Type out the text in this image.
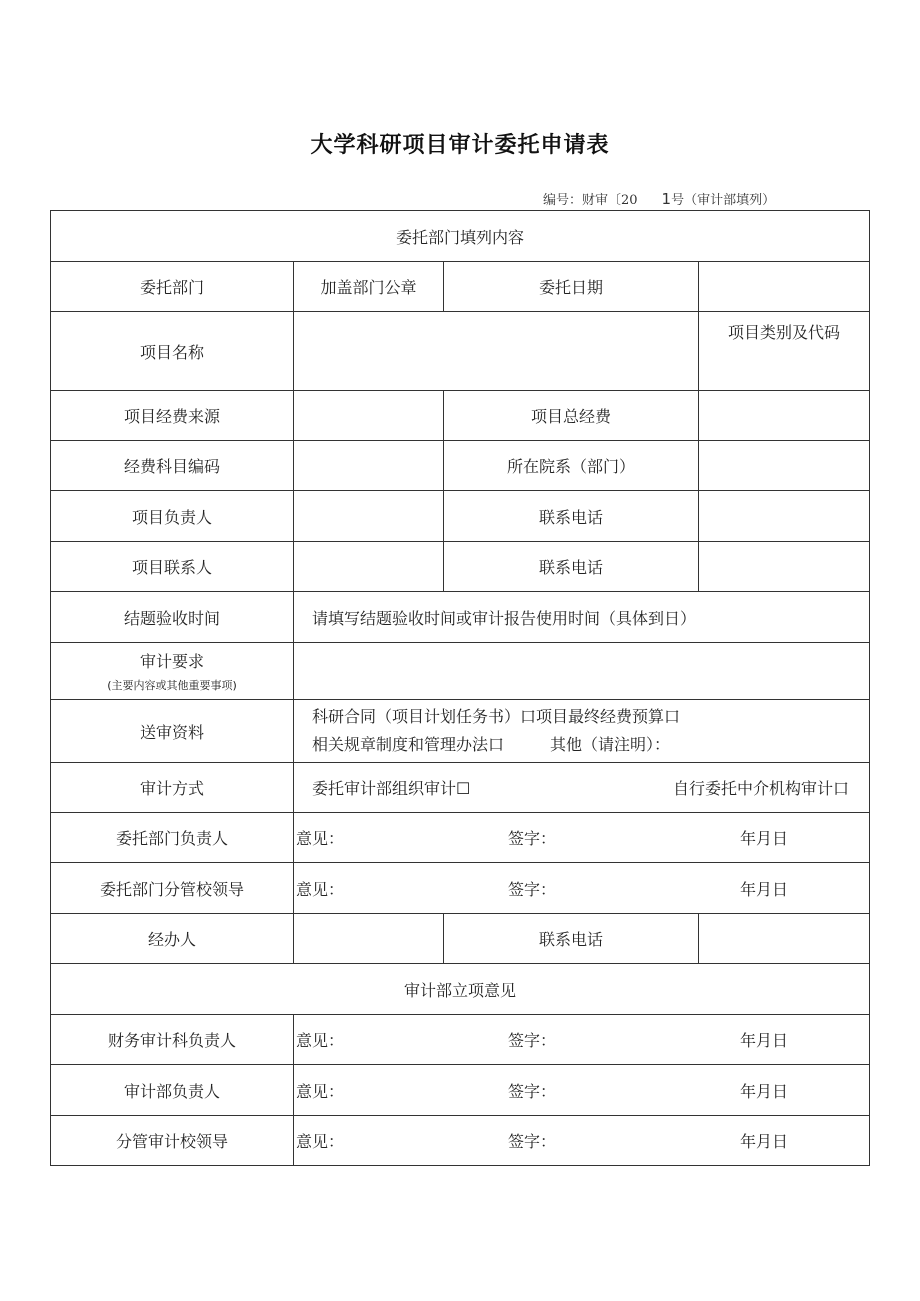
大学科研项目审计委托申请表
编号：财审〔20 1号（审计部填列）
委托部门填列内容			
委托部门	加盖部门公章	委托日期	
项目名称			项目类别及代码
项目经费来源		项目总经费	
经费科目编码		所在院系（部门）	
项目负责人		联系电话	
项目联系人		联系电话	
结题验收时间	请填写结题验收时间或审计报告使用时间（具体到日）		
审计要求
(主要内容或其他重要事项)			

送审资料	科研合同（项目计划任务书）口项目最终经费预算口
相关规章制度和管理办法口 其他（请注明）：		

审计方式	委托审计部组织审计☐ 自行委托中介机构审计口		

委托部门负责人	意见： 签字： 年月日		

委托部门分管校领导	意见： 签字： 年月日		

经办人		联系电话	
审计部立项意见			
财务审计科负责人	意见： 签字： 年月日		

审计部负责人	意见： 签字： 年月日		

分管审计校领导	意见： 签字： 年月日		
